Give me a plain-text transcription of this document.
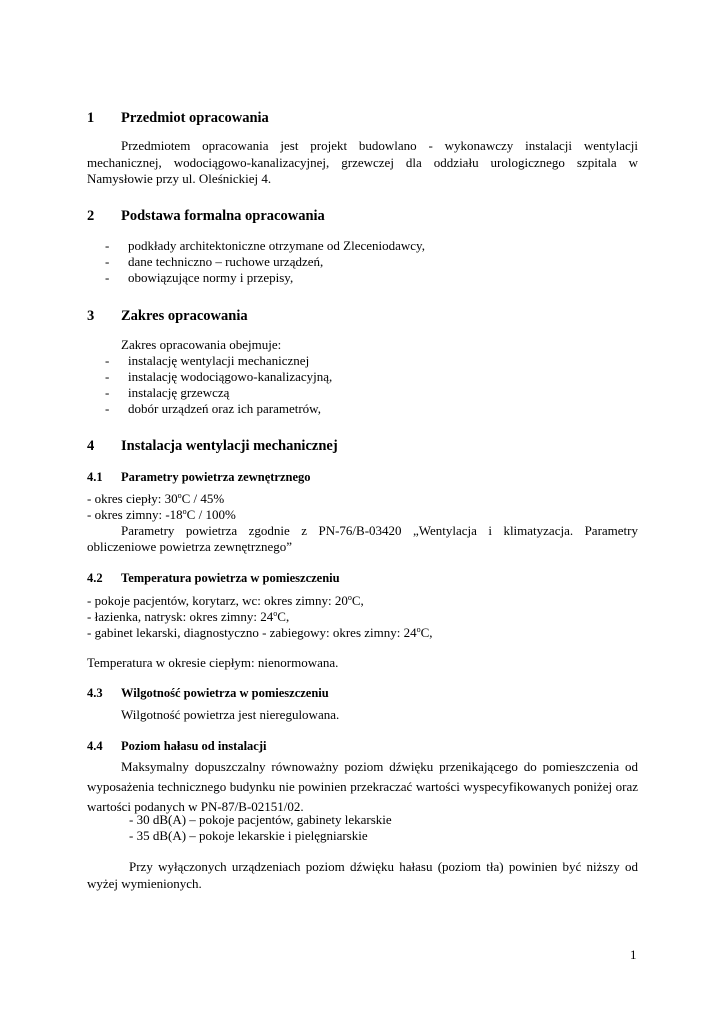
1 Przedmiot opracowania
Przedmiotem opracowania jest projekt budowlano - wykonawczy instalacji wentylacji mechanicznej, wodociągowo-kanalizacyjnej, grzewczej dla oddziału urologicznego szpitala w Namysłowie przy ul. Oleśnickiej 4.
2 Podstawa formalna opracowania
- podkłady architektoniczne otrzymane od Zleceniodawcy,
- dane techniczno – ruchowe urządzeń,
- obowiązujące normy i przepisy,
3 Zakres opracowania
Zakres opracowania obejmuje:
- instalację wentylacji mechanicznej
- instalację wodociągowo-kanalizacyjną,
- instalację grzewczą
- dobór urządzeń oraz ich parametrów,
4 Instalacja wentylacji mechanicznej
4.1 Parametry powietrza zewnętrznego
- okres ciepły: 30$^o$C / 45%
- okres zimny: -18$^o$C / 100%
Parametry powietrza zgodnie z PN-76/B-03420 „Wentylacja i klimatyzacja. Parametry obliczeniowe powietrza zewnętrznego”
4.2 Temperatura powietrza w pomieszczeniu
- pokoje pacjentów, korytarz, wc: okres zimny: 20$^o$C,
- łazienka, natrysk: okres zimny: 24$^o$C,
- gabinet lekarski, diagnostyczno - zabiegowy: okres zimny: 24$^o$C,
Temperatura w okresie ciepłym: nienormowana.
4.3 Wilgotność powietrza w pomieszczeniu
Wilgotność powietrza jest nieregulowana.
4.4 Poziom hałasu od instalacji
Maksymalny dopuszczalny równoważny poziom dźwięku przenikającego do pomieszczenia od wyposażenia technicznego budynku nie powinien przekraczać wartości wyspecyfikowanych poniżej oraz wartości podanych w PN-87/B-02151/02.
- 30 dB(A) – pokoje pacjentów, gabinety lekarskie
- 35 dB(A) – pokoje lekarskie i pielęgniarskie
Przy wyłączonych urządzeniach poziom dźwięku hałasu (poziom tła) powinien być niższy od wyżej wymienionych.
1
